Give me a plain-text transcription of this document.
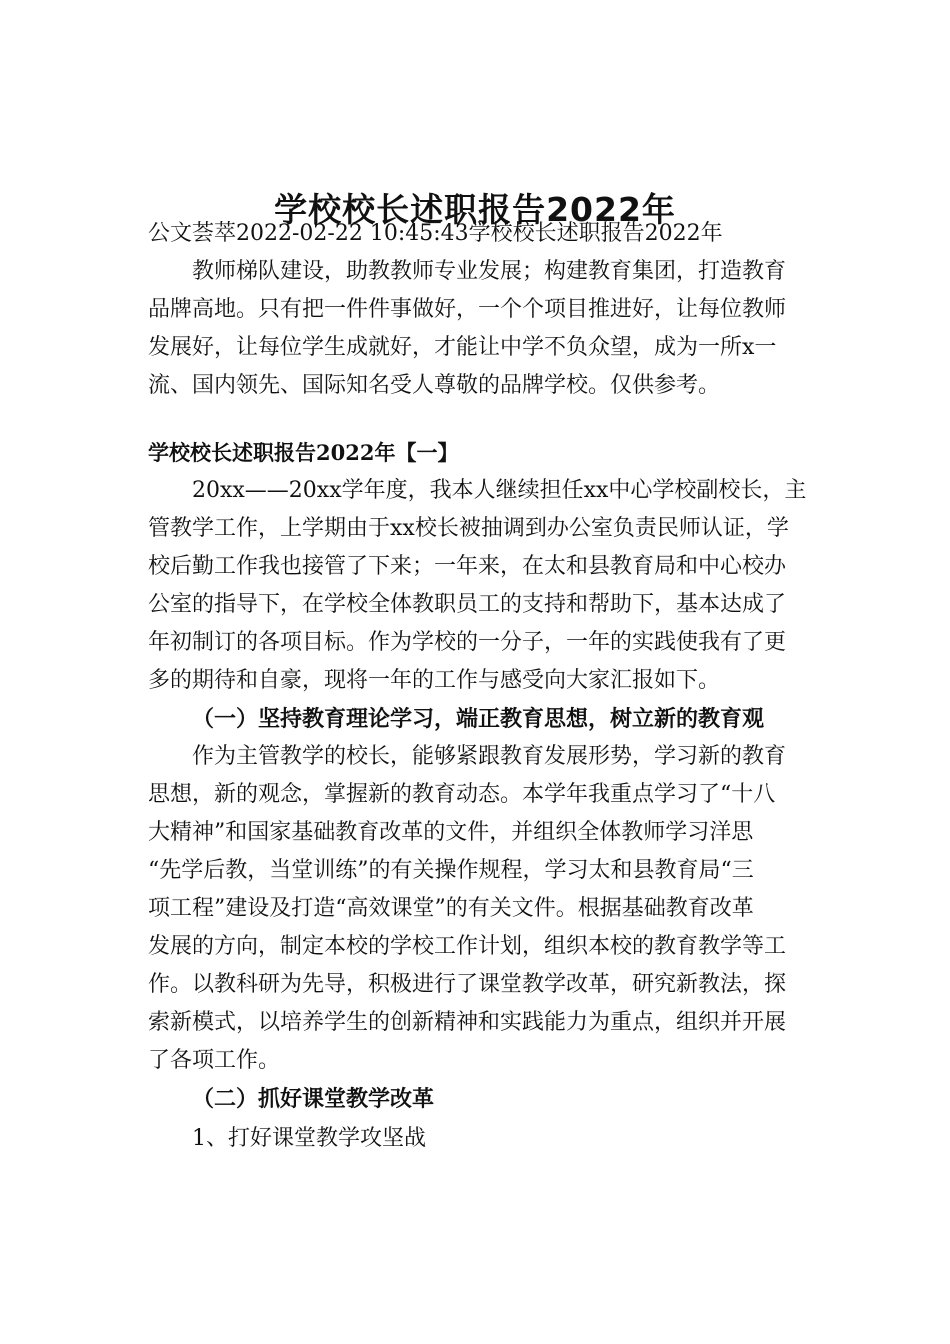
学校校长述职报告2022年
公文荟萃2022-02-22 10:45:43学校校长述职报告2022年
教师梯队建设，助教教师专业发展；构建教育集团，打造教育
品牌高地。只有把一件件事做好，一个个项目推进好，让每位教师
发展好，让每位学生成就好，才能让中学不负众望，成为一所x一
流、国内领先、国际知名受人尊敬的品牌学校。仅供参考。
学校校长述职报告2022年【一】
20xx——20xx学年度，我本人继续担任xx中心学校副校长，主
管教学工作，上学期由于xx校长被抽调到办公室负责民师认证，学
校后勤工作我也接管了下来；一年来，在太和县教育局和中心校办
公室的指导下，在学校全体教职员工的支持和帮助下，基本达成了
年初制订的各项目标。作为学校的一分子，一年的实践使我有了更
多的期待和自豪，现将一年的工作与感受向大家汇报如下。
（一）坚持教育理论学习，端正教育思想，树立新的教育观
作为主管教学的校长，能够紧跟教育发展形势，学习新的教育
思想，新的观念，掌握新的教育动态。本学年我重点学习了“十八
大精神”和国家基础教育改革的文件，并组织全体教师学习洋思
“先学后教，当堂训练”的有关操作规程，学习太和县教育局“三
项工程”建设及打造“高效课堂”的有关文件。根据基础教育改革
发展的方向，制定本校的学校工作计划，组织本校的教育教学等工
作。以教科研为先导，积极进行了课堂教学改革，研究新教法，探
索新模式，以培养学生的创新精神和实践能力为重点，组织并开展
了各项工作。
（二）抓好课堂教学改革
1、打好课堂教学攻坚战
